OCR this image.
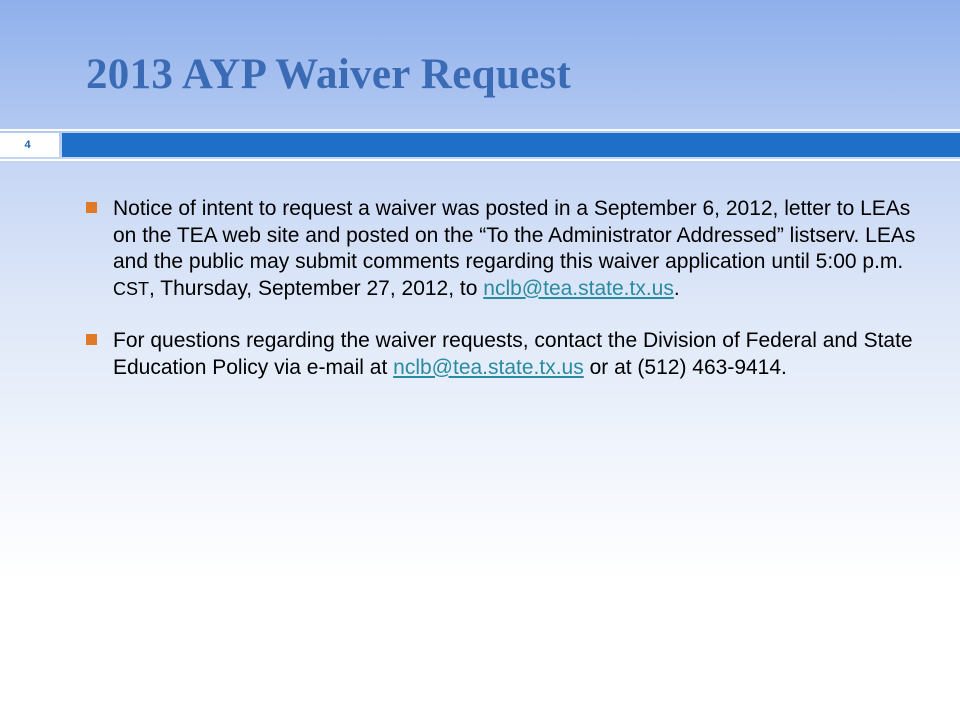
2013 AYP Waiver Request
4
Notice of intent to request a waiver was posted in a September 6, 2012, letter to LEAs on the TEA web site and posted on the “To the Administrator Addressed” listserv. LEAs and the public may submit comments regarding this waiver application until 5:00 p.m. CST, Thursday, September 27, 2012, to nclb@tea.state.tx.us.
For questions regarding the waiver requests, contact the Division of Federal and State Education Policy via e-mail at nclb@tea.state.tx.us or at (512) 463-9414.
